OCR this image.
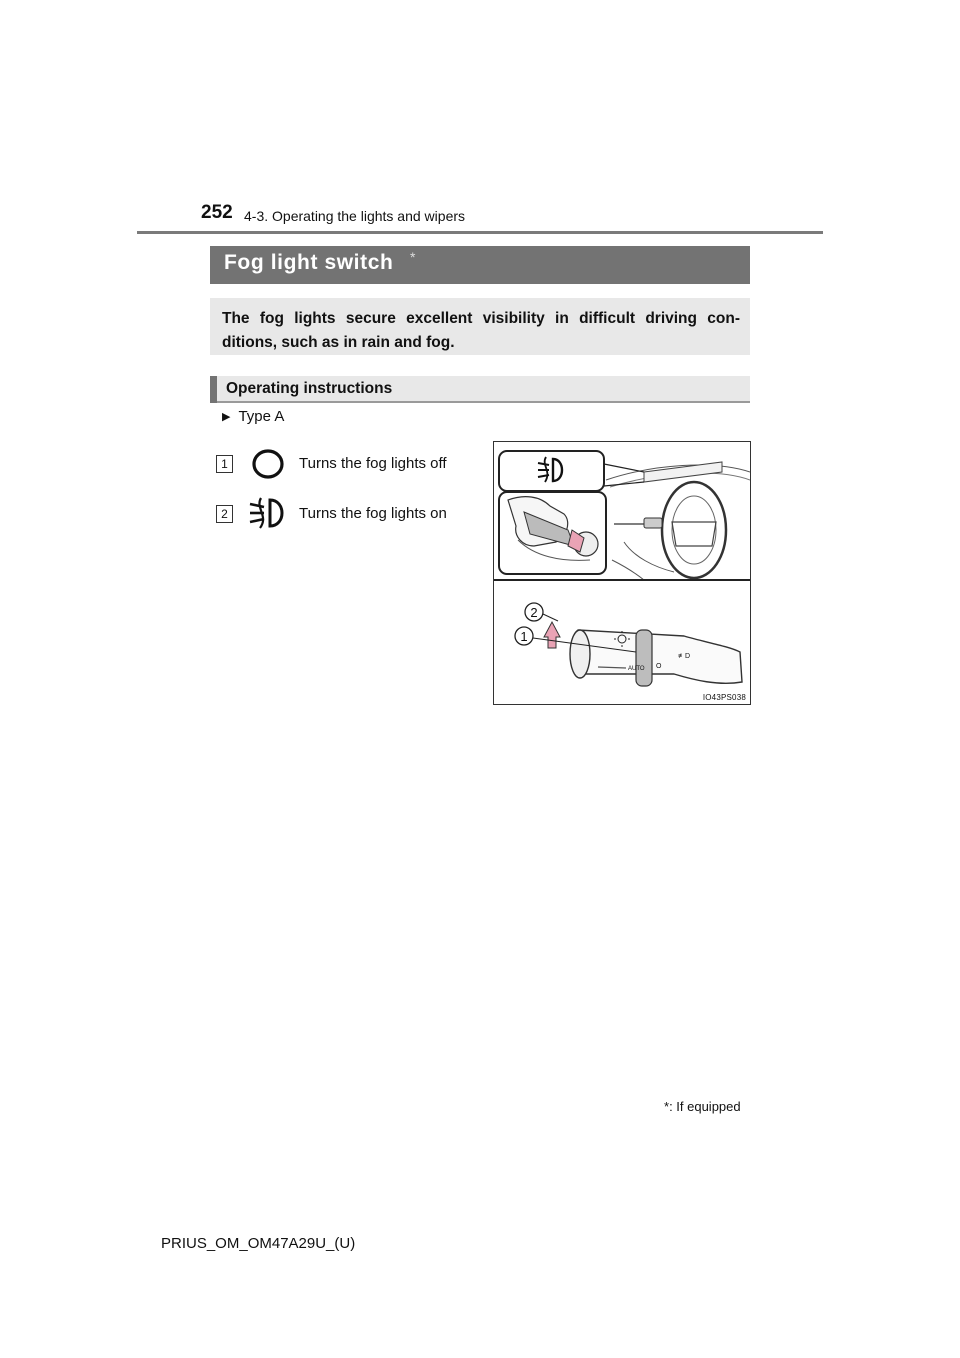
252 4-3. Operating the lights and wipers
Fog light switch *
The fog lights secure excellent visibility in difficult driving con-ditions, such as in rain and fog.
Operating instructions
▶ Type A
1	Turns the fog lights off
2	Turns the fog lights on
AUTO O
≢D
2
1
IO43PS038
*: If equipped
PRIUS_OM_OM47A29U_(U)
